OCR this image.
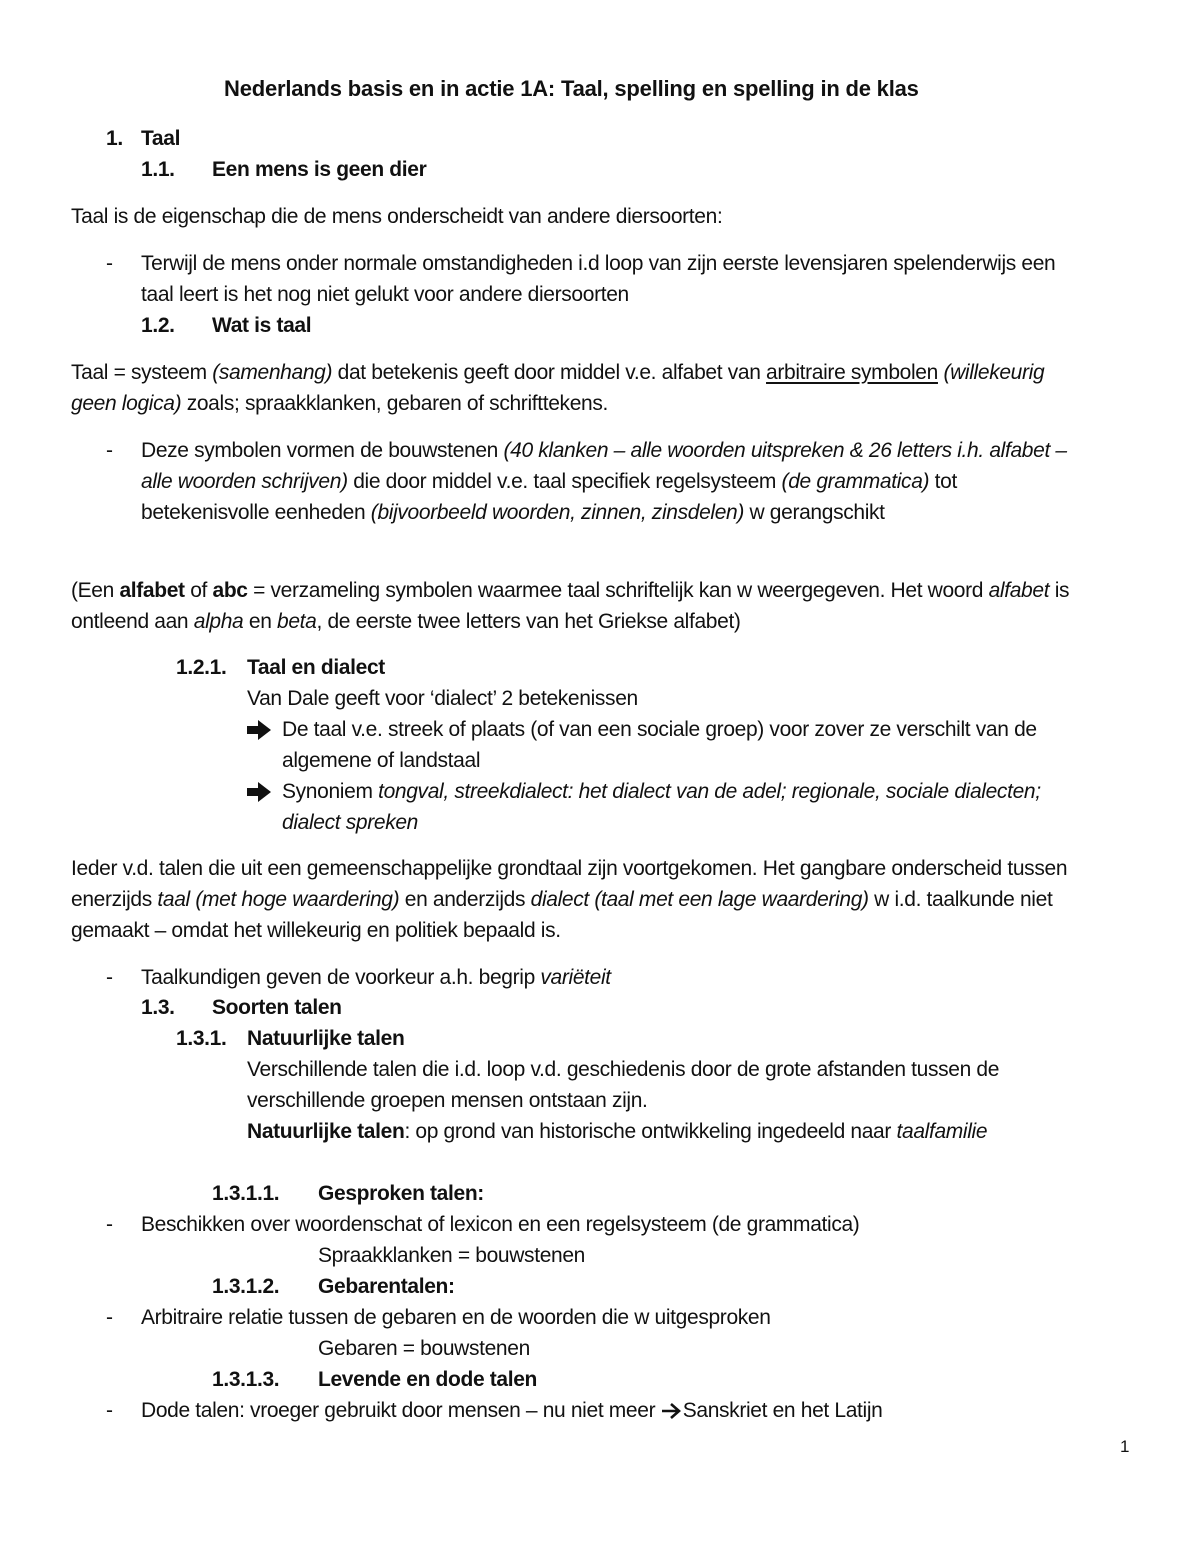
Nederlands basis en in actie 1A: Taal, spelling en spelling in de klas
1. Taal
1.1. Een mens is geen dier
Taal is de eigenschap die de mens onderscheidt van andere diersoorten:
- Terwijl de mens onder normale omstandigheden i.d loop van zijn eerste levensjaren spelenderwijs een
taal leert is het nog niet gelukt voor andere diersoorten
1.2. Wat is taal
Taal = systeem (samenhang) dat betekenis geeft door middel v.e. alfabet van arbitraire symbolen (willekeurig
geen logica) zoals; spraakklanken, gebaren of schrifttekens.
- Deze symbolen vormen de bouwstenen (40 klanken – alle woorden uitspreken & 26 letters i.h. alfabet –
alle woorden schrijven) die door middel v.e. taal specifiek regelsysteem (de grammatica) tot
betekenisvolle eenheden (bijvoorbeeld woorden, zinnen, zinsdelen) w gerangschikt
(Een alfabet of abc = verzameling symbolen waarmee taal schriftelijk kan w weergegeven. Het woord alfabet is
ontleend aan alpha en beta, de eerste twee letters van het Griekse alfabet)
1.2.1. Taal en dialect
Van Dale geeft voor ‘dialect’ 2 betekenissen
De taal v.e. streek of plaats (of van een sociale groep) voor zover ze verschilt van de
algemene of landstaal
Synoniem tongval, streekdialect: het dialect van de adel; regionale, sociale dialecten;
dialect spreken
Ieder v.d. talen die uit een gemeenschappelijke grondtaal zijn voortgekomen. Het gangbare onderscheid tussen
enerzijds taal (met hoge waardering) en anderzijds dialect (taal met een lage waardering) w i.d. taalkunde niet
gemaakt – omdat het willekeurig en politiek bepaald is.
- Taalkundigen geven de voorkeur a.h. begrip variëteit
1.3. Soorten talen
1.3.1. Natuurlijke talen
Verschillende talen die i.d. loop v.d. geschiedenis door de grote afstanden tussen de
verschillende groepen mensen ontstaan zijn.
Natuurlijke talen: op grond van historische ontwikkeling ingedeeld naar taalfamilie
1.3.1.1. Gesproken talen:
- Beschikken over woordenschat of lexicon en een regelsysteem (de grammatica)
Spraakklanken = bouwstenen
1.3.1.2. Gebarentalen:
- Arbitraire relatie tussen de gebaren en de woorden die w uitgesproken
Gebaren = bouwstenen
1.3.1.3. Levende en dode talen
- Dode talen: vroeger gebruikt door mensen – nu niet meer Sanskriet en het Latijn
1
